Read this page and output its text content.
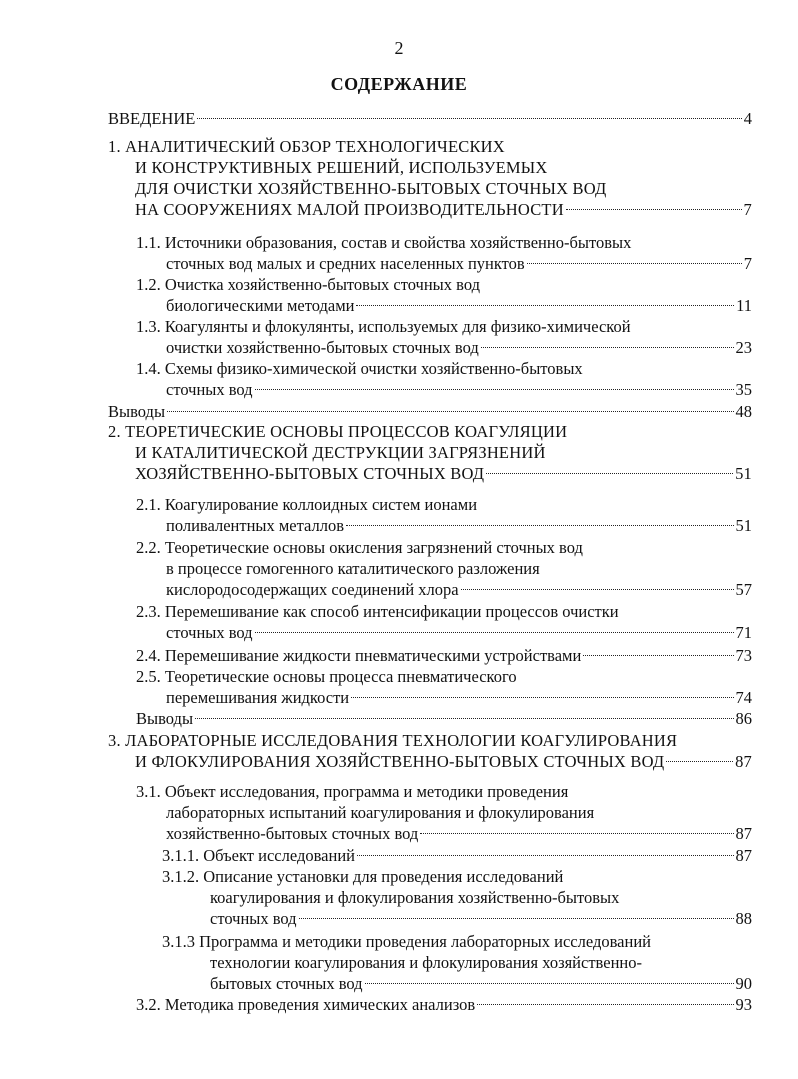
2
СОДЕРЖАНИЕ
ВВЕДЕНИЕ	4
1. АНАЛИТИЧЕСКИЙ ОБЗОР ТЕХНОЛОГИЧЕСКИХ
И КОНСТРУКТИВНЫХ РЕШЕНИЙ, ИСПОЛЬЗУЕМЫХ
ДЛЯ ОЧИСТКИ ХОЗЯЙСТВЕННО-БЫТОВЫХ СТОЧНЫХ ВОД
НА СООРУЖЕНИЯХ МАЛОЙ ПРОИЗВОДИТЕЛЬНОСТИ	7
1.1. Источники образования, состав и свойства хозяйственно-бытовых
сточных вод малых и средних населенных пунктов	7
1.2. Очистка хозяйственно-бытовых сточных вод
биологическими методами	11
1.3. Коагулянты и флокулянты, используемых для физико-химической
очистки хозяйственно-бытовых сточных вод	23
1.4. Схемы физико-химической очистки хозяйственно-бытовых
сточных вод	35
Выводы	48
2. ТЕОРЕТИЧЕСКИЕ ОСНОВЫ ПРОЦЕССОВ КОАГУЛЯЦИИ
И КАТАЛИТИЧЕСКОЙ ДЕСТРУКЦИИ ЗАГРЯЗНЕНИЙ
ХОЗЯЙСТВЕННО-БЫТОВЫХ СТОЧНЫХ ВОД	51
2.1. Коагулирование коллоидных систем ионами
поливалентных металлов	51
2.2. Теоретические основы окисления загрязнений сточных вод
в процессе гомогенного каталитического разложения
кислородосодержащих соединений хлора	57
2.3. Перемешивание как способ интенсификации процессов очистки
сточных вод	71
2.4. Перемешивание жидкости пневматическими устройствами	73
2.5. Теоретические основы процесса пневматического
перемешивания жидкости	74
Выводы	86
3. ЛАБОРАТОРНЫЕ ИССЛЕДОВАНИЯ ТЕХНОЛОГИИ КОАГУЛИРОВАНИЯ
И ФЛОКУЛИРОВАНИЯ ХОЗЯЙСТВЕННО-БЫТОВЫХ СТОЧНЫХ ВОД	87
3.1. Объект исследования, программа и методики проведения
лабораторных испытаний коагулирования и флокулирования
хозяйственно-бытовых сточных вод	87
3.1.1. Объект исследований	87
3.1.2. Описание установки для проведения исследований
коагулирования и флокулирования хозяйственно-бытовых
сточных вод	88
3.1.3 Программа и методики проведения лабораторных исследований
технологии коагулирования и флокулирования хозяйственно-
бытовых сточных вод	90
3.2. Методика проведения химических анализов	93
